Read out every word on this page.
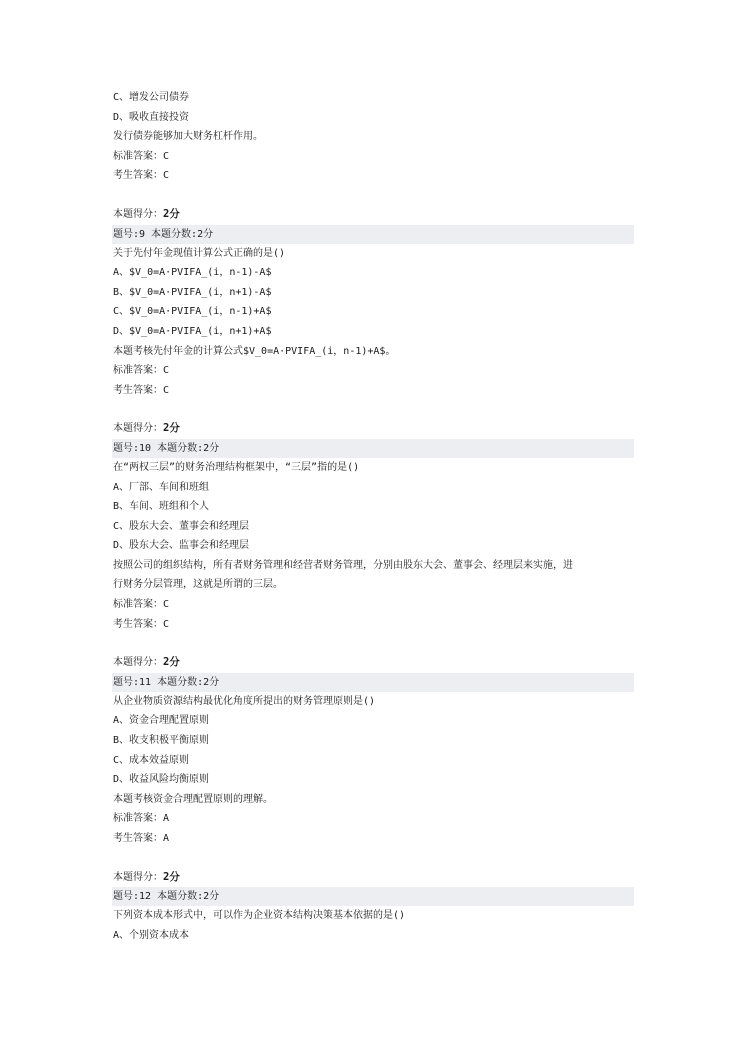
C、增发公司债券
D、吸收直接投资
发行债券能够加大财务杠杆作用。
标准答案：C
考生答案：C
本题得分：2分
题号:9 本题分数:2分
关于先付年金现值计算公式正确的是()
A、$V_0=A·PVIFA_(i，n-1)-A$
B、$V_0=A·PVIFA_(i，n+1)-A$
C、$V_0=A·PVIFA_(i，n-1)+A$
D、$V_0=A·PVIFA_(i，n+1)+A$
本题考核先付年金的计算公式$V_0=A·PVIFA_(i，n-1)+A$。
标准答案：C
考生答案：C
本题得分：2分
题号:10 本题分数:2分
在“两权三层”的财务治理结构框架中，“三层”指的是()
A、厂部、车间和班组
B、车间、班组和个人
C、股东大会、董事会和经理层
D、股东大会、监事会和经理层
按照公司的组织结构，所有者财务管理和经营者财务管理，分别由股东大会、董事会、经理层来实施，进
行财务分层管理，这就是所谓的三层。
标准答案：C
考生答案：C
本题得分：2分
题号:11 本题分数:2分
从企业物质资源结构最优化角度所提出的财务管理原则是()
A、资金合理配置原则
B、收支积极平衡原则
C、成本效益原则
D、收益风险均衡原则
本题考核资金合理配置原则的理解。
标准答案：A
考生答案：A
本题得分：2分
题号:12 本题分数:2分
下列资本成本形式中，可以作为企业资本结构决策基本依据的是()
A、个别资本成本
